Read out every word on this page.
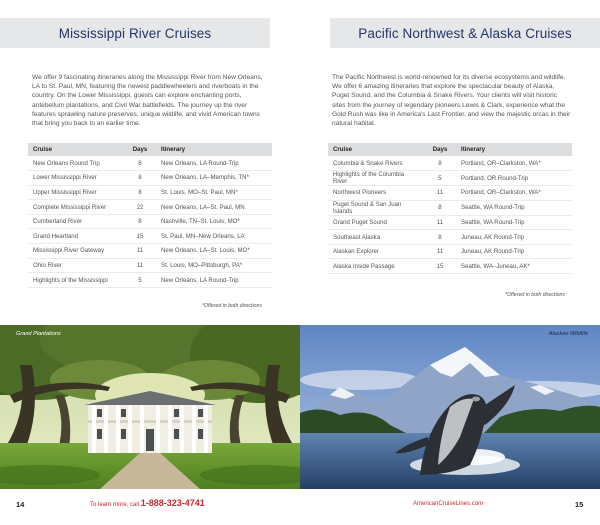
Mississippi River Cruises

We offer 9 fascinating itineraries along the Mississippi River from New Orleans, LA to St. Paul, MN, featuring the newest paddlewheelers and riverboats in the country. On the Lower Mississippi, guests can explore enchanting ports, antebellum plantations, and Civil War battlefields. The journey up the river features sprawling nature preserves, unique wildlife, and vivid American towns that bring you back to an earlier time.

Cruise	Days	Itinerary
New Orleans Round Trip	8	New Orleans, LA Round-Trip
Lower Mississippi River	8	New Orleans, LA–Memphis, TN*
Upper Mississippi River	8	St. Louis, MO–St. Paul, MN*
Complete Mississippi River	22	New Orleans, LA–St. Paul, MN
Cumberland River	8	Nashville, TN–St. Louis, MO*
Grand Heartland	15	St. Paul, MN–New Orleans, LA
Mississippi River Gateway	11	New Orleans, LA–St. Louis, MO*
Ohio River	11	St. Louis, MO–Pittsburgh, PA*
Highlights of the Mississippi	5	New Orleans, LA Round-Trip
*Offered in both directions
Pacific Northwest & Alaska Cruises

The Pacific Northwest is world-renowned for its diverse ecosystems and wildlife. We offer 6 amazing itineraries that explore the spectacular beauty of Alaska, Puget Sound, and the Columbia & Snake Rivers. Your clients will visit historic sites from the journey of legendary pioneers Lewis & Clark, experience what the Gold Rush was like in America's Last Frontier, and view the majestic orcas in their natural habitat.

Cruise	Days	Itinerary
Columbia & Snake Rivers	8	Portland, OR–Clarkston, WA*
Highlights of the Columbia River	5	Portland, OR Round-Trip
Northwest Pioneers	11	Portland, OR–Clarkston, WA*
Puget Sound & San Juan Islands	8	Seattle, WA Round-Trip
Grand Puget Sound	11	Seattle, WA Round-Trip
Southeast Alaska	8	Juneau, AK Round-Trip
Alaskan Explorer	11	Juneau, AK Round-Trip
Alaska Inside Passage	15	Seattle, WA–Juneau, AK*
*Offered in both directions
Grand Plantations	Alaskan Wildlife
14	To learn more, call 1-888-323-4741	AmericanCruiseLines.com	15
